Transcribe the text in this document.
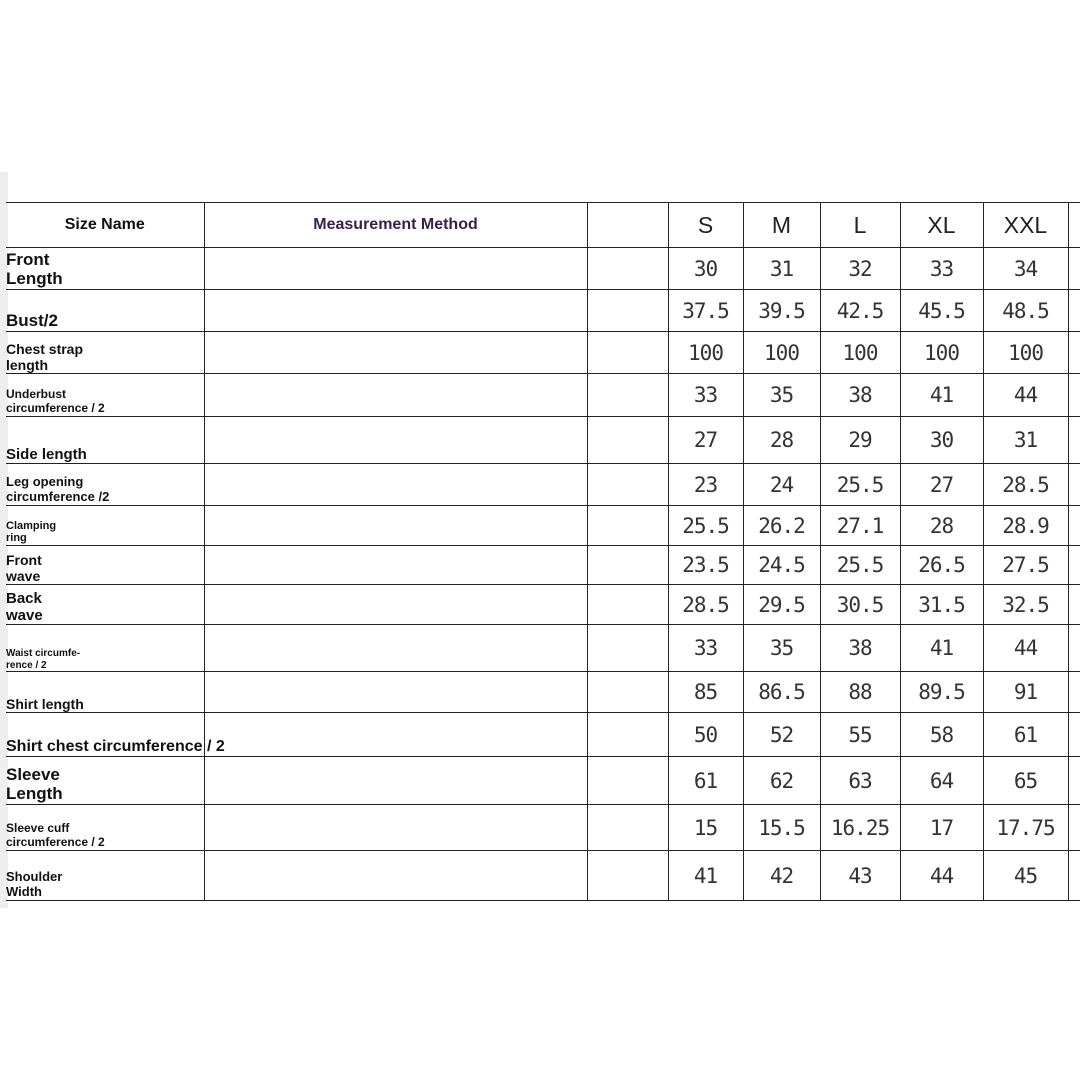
Size Name	Measurement Method		S	M	L	XL	XXL	

Front
Length			30	31	32	33	34	

Bust/2			37.5	39.5	42.5	45.5	48.5	

Chest strap
length			100	100	100	100	100	

Underbust
circumference / 2			33	35	38	41	44	

Side length			27	28	29	30	31	

Leg opening
circumference /2			23	24	25.5	27	28.5	

Clamping
ring			25.5	26.2	27.1	28	28.9	

Front
wave			23.5	24.5	25.5	26.5	27.5	

Back
wave			28.5	29.5	30.5	31.5	32.5	

Waist circumfe-
rence / 2			33	35	38	41	44	

Shirt length			85	86.5	88	89.5	91	

Shirt chest circumference / 2			50	52	55	58	61	

Sleeve
Length			61	62	63	64	65	

Sleeve cuff
circumference / 2			15	15.5	16.25	17	17.75	

Shoulder
Width			41	42	43	44	45	
